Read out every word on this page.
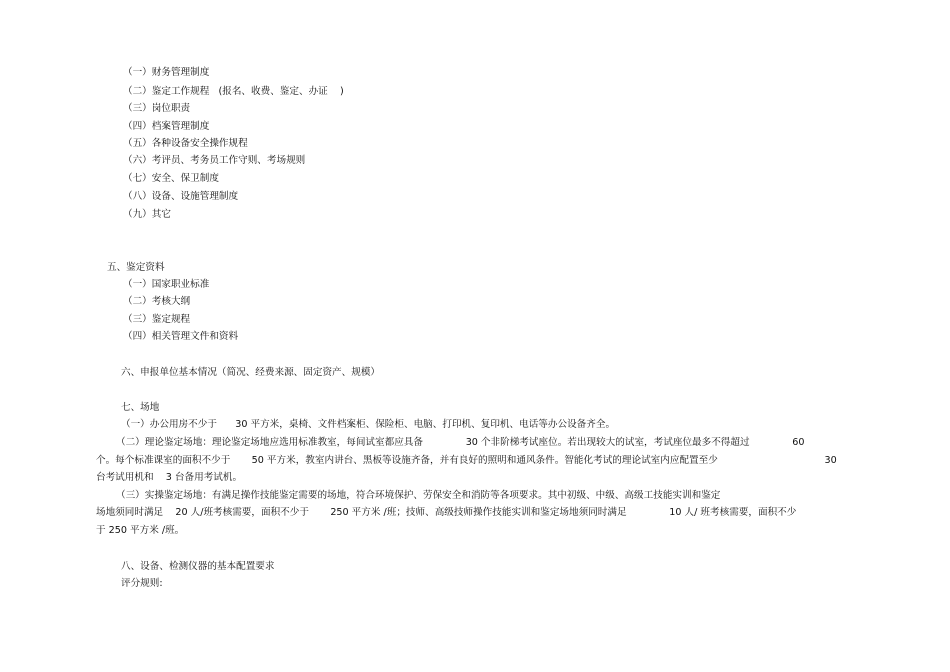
（一）财务管理制度
（二）鉴定工作规程   (报名、收费、鉴定、办证    )
（三）岗位职责
（四）档案管理制度
（五）各种设备安全操作规程
（六）考评员、考务员工作守则、考场规则
（七）安全、保卫制度
（八）设备、设施管理制度
（九）其它
五、鉴定资料
（一）国家职业标准
（二）考核大纲
（三）鉴定规程
（四）相关管理文件和资料
六、申报单位基本情况（简况、经费来源、固定资产、规模）
七、场地
（一）办公用房不少于      30 平方米，桌椅、文件档案柜、保险柜、电脑、打印机、复印机、电话等办公设备齐全。
（二）理论鉴定场地：理论鉴定场地应选用标准教室，每间试室都应具备              30 个非阶梯考试座位。若出现较大的试室，考试座位最多不得超过              60
个。每个标准课室的面积不少于       50 平方米，教室内讲台、黑板等设施齐备，并有良好的照明和通风条件。智能化考试的理论试室内应配置至少                                   30
台考试用机和    3 台备用考试机。
（三）实操鉴定场地：有满足操作技能鉴定需要的场地，符合环境保护、劳保安全和消防等各项要求。其中初级、中级、高级工技能实训和鉴定
场地须同时满足    20 人/班考核需要，面积不少于       250 平方米 /班；技师、高级技师操作技能实训和鉴定场地须同时满足              10 人/ 班考核需要，面积不少
于 250 平方米 /班。
八、设备、检测仪器的基本配置要求
评分规则:
